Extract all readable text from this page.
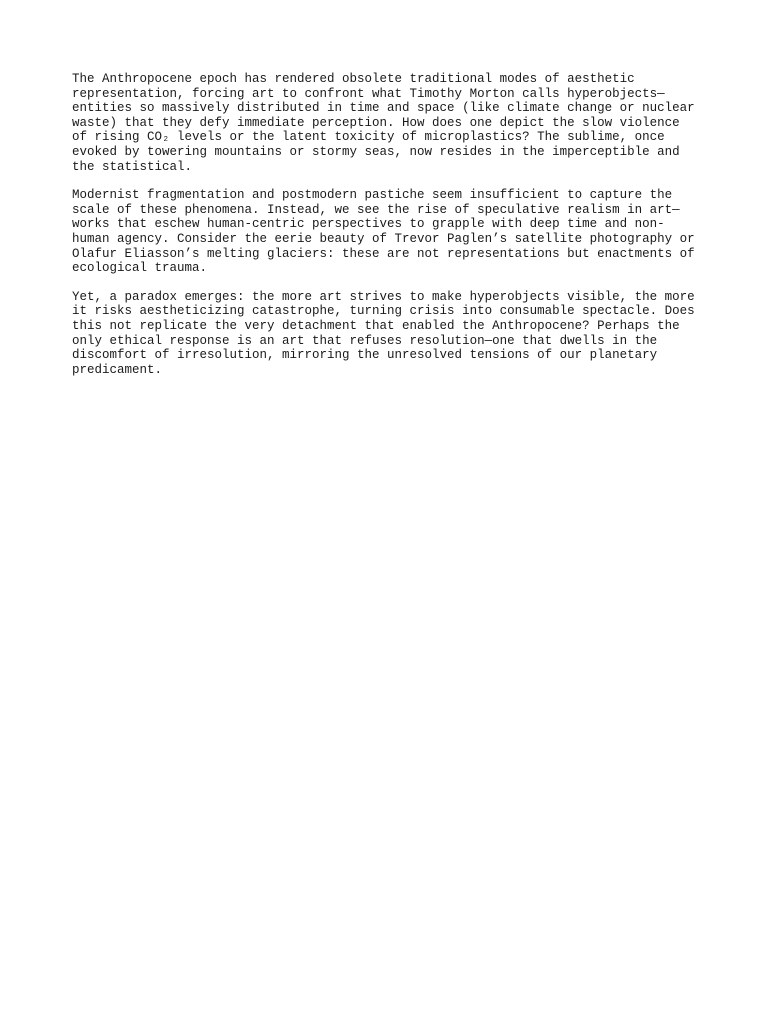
The Anthropocene epoch has rendered obsolete traditional modes of aesthetic
representation, forcing art to confront what Timothy Morton calls hyperobjects—
entities so massively distributed in time and space (like climate change or nuclear
waste) that they defy immediate perception. How does one depict the slow violence
of rising CO₂ levels or the latent toxicity of microplastics? The sublime, once
evoked by towering mountains or stormy seas, now resides in the imperceptible and
the statistical.

Modernist fragmentation and postmodern pastiche seem insufficient to capture the
scale of these phenomena. Instead, we see the rise of speculative realism in art—
works that eschew human-centric perspectives to grapple with deep time and non-
human agency. Consider the eerie beauty of Trevor Paglen’s satellite photography or
Olafur Eliasson’s melting glaciers: these are not representations but enactments of
ecological trauma.

Yet, a paradox emerges: the more art strives to make hyperobjects visible, the more
it risks aestheticizing catastrophe, turning crisis into consumable spectacle. Does
this not replicate the very detachment that enabled the Anthropocene? Perhaps the
only ethical response is an art that refuses resolution—one that dwells in the
discomfort of irresolution, mirroring the unresolved tensions of our planetary
predicament.
